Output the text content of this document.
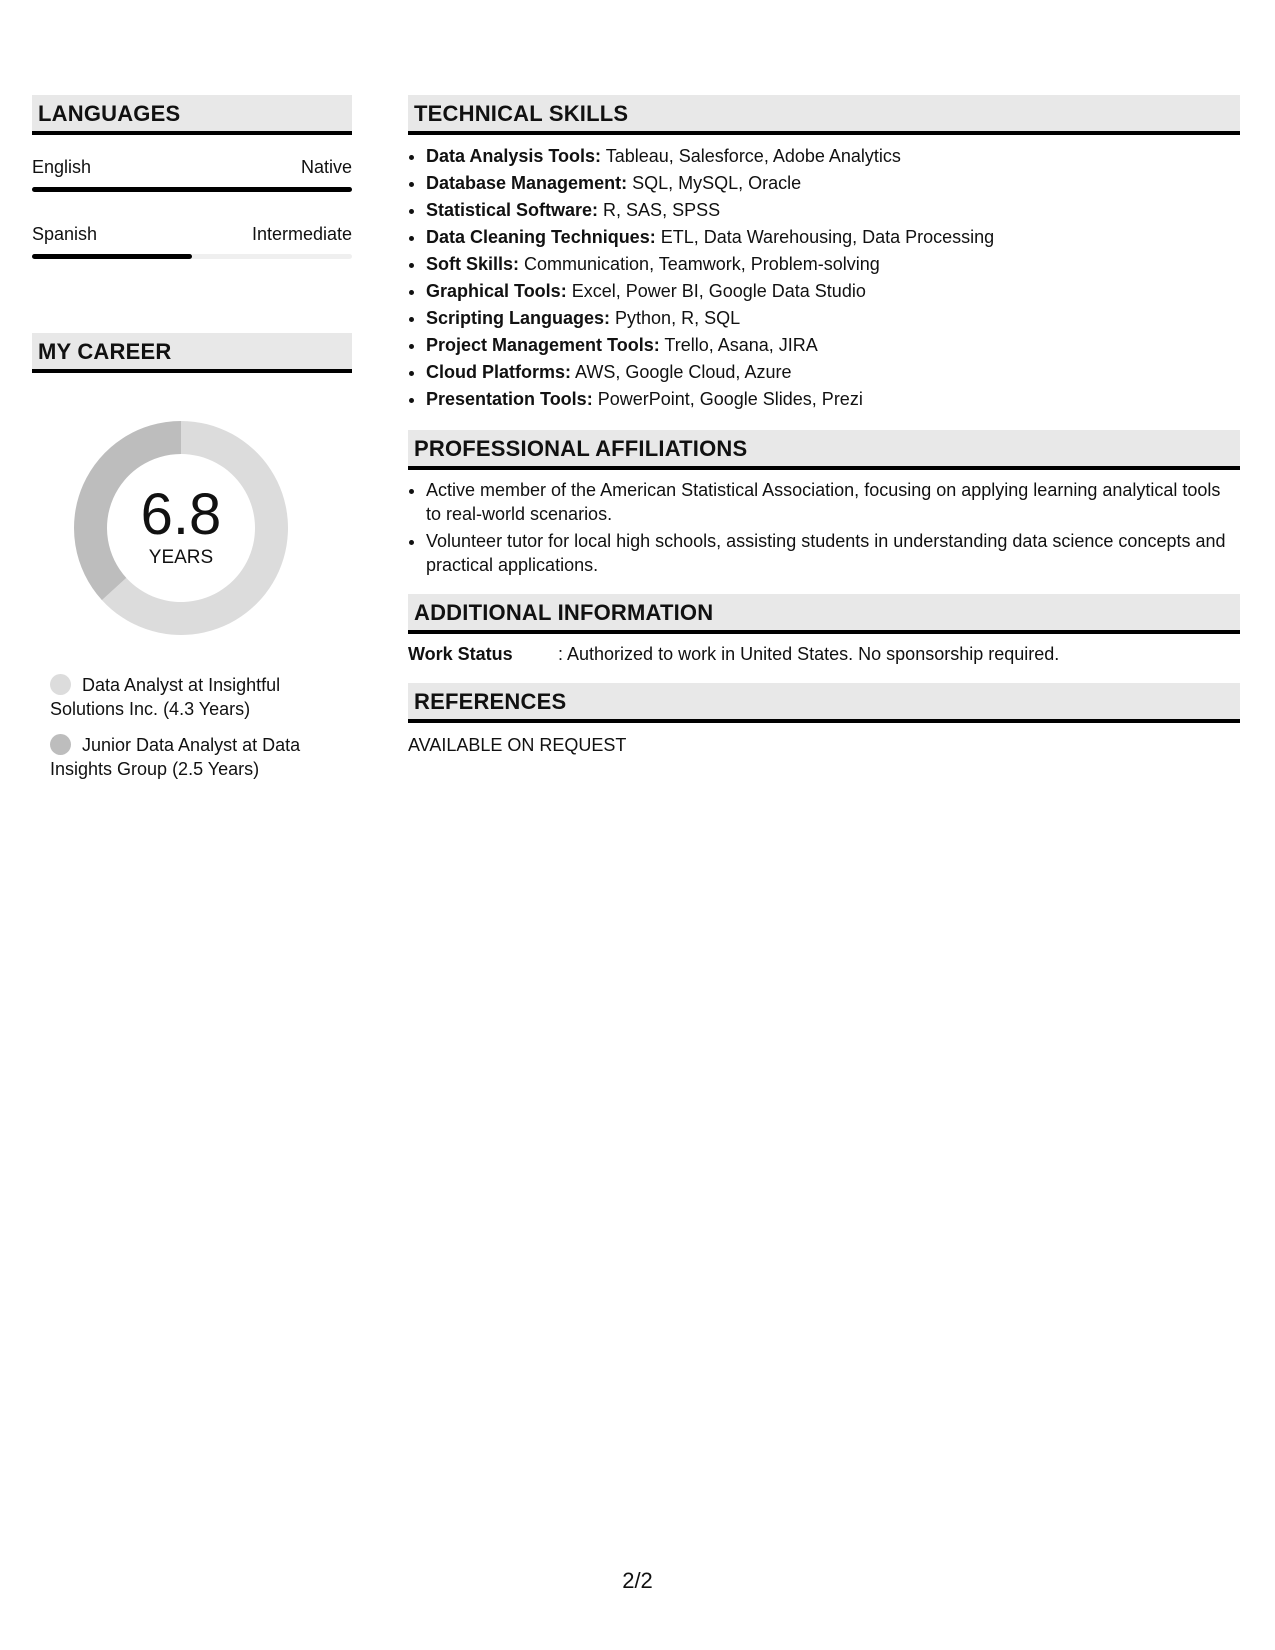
LANGUAGES
English	Native
Spanish	Intermediate
MY CAREER
6.8
YEARS
Data Analyst at Insightful Solutions Inc. (4.3 Years)
Junior Data Analyst at Data Insights Group (2.5 Years)
TECHNICAL SKILLS
• Data Analysis Tools: Tableau, Salesforce, Adobe Analytics
• Database Management: SQL, MySQL, Oracle
• Statistical Software: R, SAS, SPSS
• Data Cleaning Techniques: ETL, Data Warehousing, Data Processing
• Soft Skills: Communication, Teamwork, Problem-solving
• Graphical Tools: Excel, Power BI, Google Data Studio
• Scripting Languages: Python, R, SQL
• Project Management Tools: Trello, Asana, JIRA
• Cloud Platforms: AWS, Google Cloud, Azure
• Presentation Tools: PowerPoint, Google Slides, Prezi
PROFESSIONAL AFFILIATIONS
• Active member of the American Statistical Association, focusing on applying learning analytical tools to real-world scenarios.
• Volunteer tutor for local high schools, assisting students in understanding data science concepts and practical applications.
ADDITIONAL INFORMATION
Work Status	: Authorized to work in United States. No sponsorship required.
REFERENCES
AVAILABLE ON REQUEST
2/2
